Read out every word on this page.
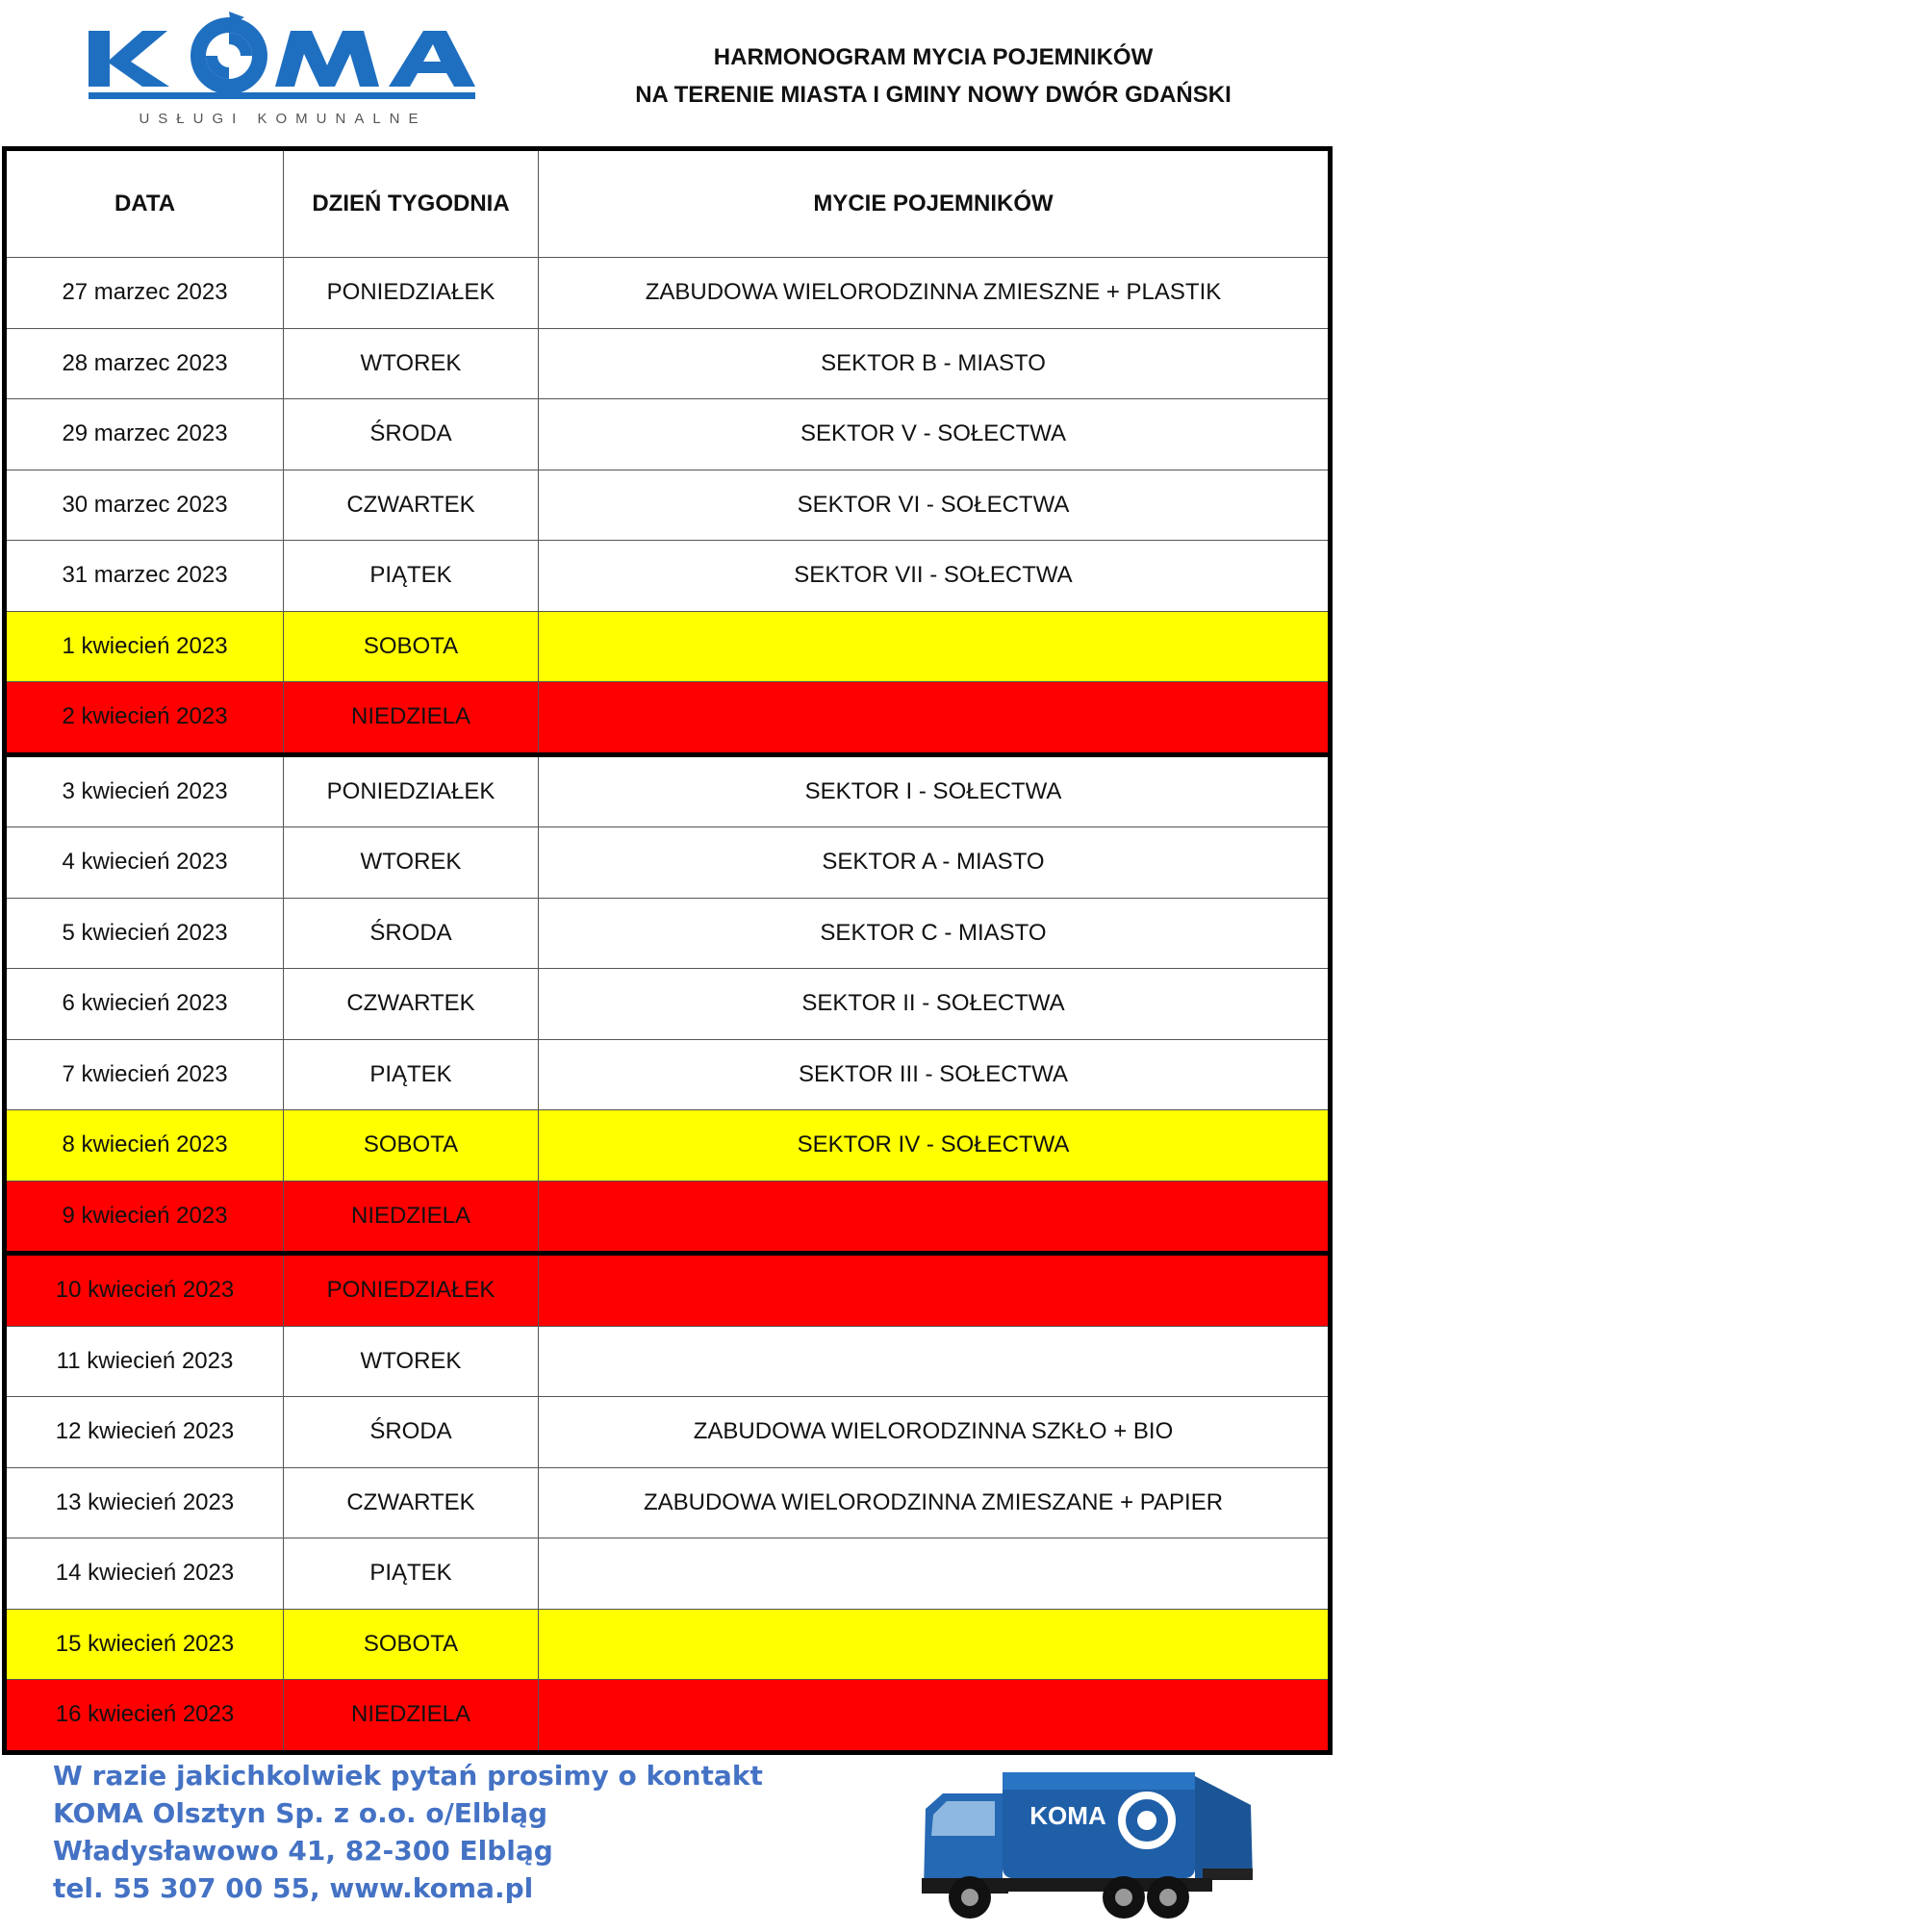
USŁUGI KOMUNALNE
HARMONOGRAM MYCIA POJEMNIKÓW
NA TERENIE MIASTA I GMINY NOWY DWÓR GDAŃSKI
DATA	DZIEŃ TYGODNIA	MYCIE POJEMNIKÓW
27 marzec 2023	PONIEDZIAŁEK	ZABUDOWA WIELORODZINNA ZMIESZNE + PLASTIK
28 marzec 2023	WTOREK	SEKTOR B - MIASTO
29 marzec 2023	ŚRODA	SEKTOR V - SOŁECTWA
30 marzec 2023	CZWARTEK	SEKTOR VI - SOŁECTWA
31 marzec 2023	PIĄTEK	SEKTOR VII - SOŁECTWA
1 kwiecień 2023	SOBOTA	
2 kwiecień 2023	NIEDZIELA	
3 kwiecień 2023	PONIEDZIAŁEK	SEKTOR I - SOŁECTWA
4 kwiecień 2023	WTOREK	SEKTOR A - MIASTO
5 kwiecień 2023	ŚRODA	SEKTOR C - MIASTO
6 kwiecień 2023	CZWARTEK	SEKTOR II - SOŁECTWA
7 kwiecień 2023	PIĄTEK	SEKTOR III - SOŁECTWA
8 kwiecień 2023	SOBOTA	SEKTOR IV - SOŁECTWA
9 kwiecień 2023	NIEDZIELA	
10 kwiecień 2023	PONIEDZIAŁEK	
11 kwiecień 2023	WTOREK	
12 kwiecień 2023	ŚRODA	ZABUDOWA WIELORODZINNA SZKŁO + BIO
13 kwiecień 2023	CZWARTEK	ZABUDOWA WIELORODZINNA ZMIESZANE + PAPIER
14 kwiecień 2023	PIĄTEK	
15 kwiecień 2023	SOBOTA	
16 kwiecień 2023	NIEDZIELA	
W razie jakichkolwiek pytań prosimy o kontakt
KOMA Olsztyn Sp. z o.o. o/Elbląg
Władysławowo 41, 82-300 Elbląg
tel. 55 307 00 55, www.koma.pl
KOMA
